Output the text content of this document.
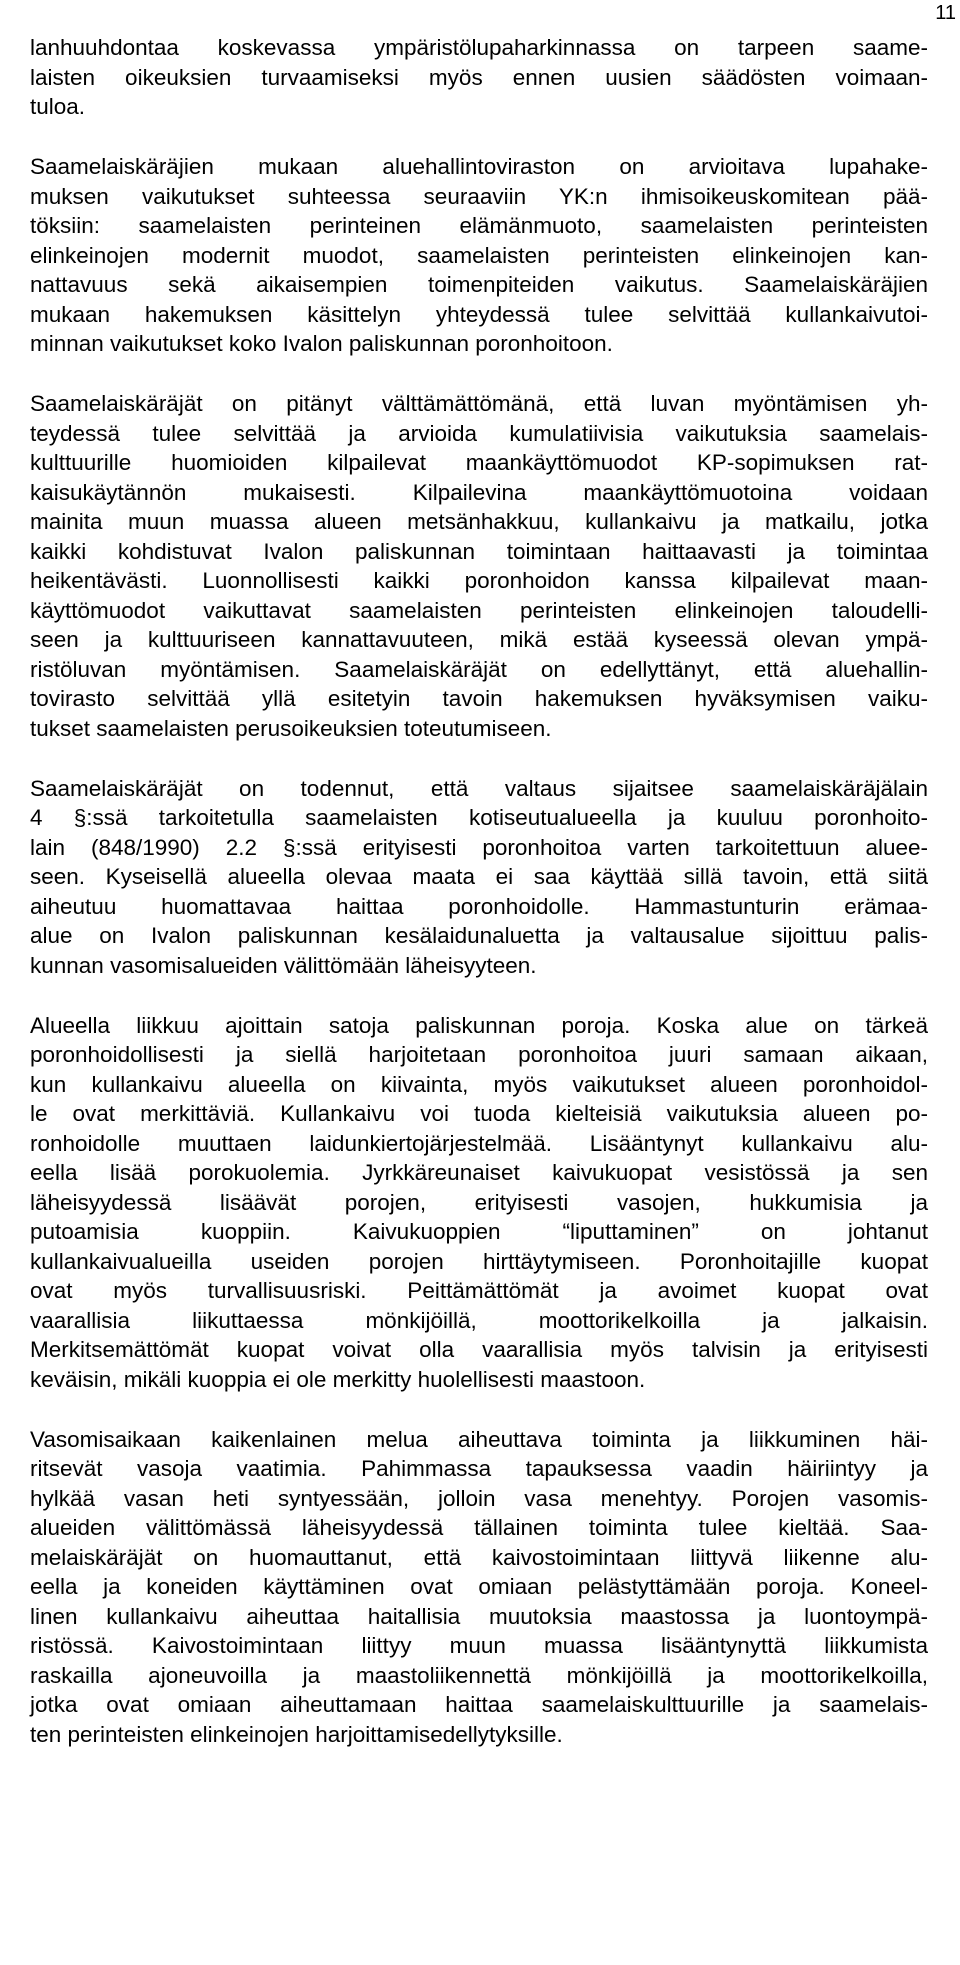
11
lanhuuhdontaa koskevassa ympäristölupaharkinnassa on tarpeen saame-
laisten oikeuksien turvaamiseksi myös ennen uusien säädösten voimaan-
tuloa.
Saamelaiskäräjien mukaan aluehallintoviraston on arvioitava lupahake-
muksen vaikutukset suhteessa seuraaviin YK:n ihmisoikeuskomitean pää-
töksiin: saamelaisten perinteinen elämänmuoto, saamelaisten perinteisten
elinkeinojen modernit muodot, saamelaisten perinteisten elinkeinojen kan-
nattavuus sekä aikaisempien toimenpiteiden vaikutus. Saamelaiskäräjien
mukaan hakemuksen käsittelyn yhteydessä tulee selvittää kullankaivutoi-
minnan vaikutukset koko Ivalon paliskunnan poronhoitoon.
Saamelaiskäräjät on pitänyt välttämättömänä, että luvan myöntämisen yh-
teydessä tulee selvittää ja arvioida kumulatiivisia vaikutuksia saamelais-
kulttuurille huomioiden kilpailevat maankäyttömuodot KP-sopimuksen rat-
kaisukäytännön mukaisesti. Kilpailevina maankäyttömuotoina voidaan
mainita muun muassa alueen metsänhakkuu, kullankaivu ja matkailu, jotka
kaikki kohdistuvat Ivalon paliskunnan toimintaan haittaavasti ja toimintaa
heikentävästi. Luonnollisesti kaikki poronhoidon kanssa kilpailevat maan-
käyttömuodot vaikuttavat saamelaisten perinteisten elinkeinojen taloudelli-
seen ja kulttuuriseen kannattavuuteen, mikä estää kyseessä olevan ympä-
ristöluvan myöntämisen. Saamelaiskäräjät on edellyttänyt, että aluehallin-
tovirasto selvittää yllä esitetyin tavoin hakemuksen hyväksymisen vaiku-
tukset saamelaisten perusoikeuksien toteutumiseen.
Saamelaiskäräjät on todennut, että valtaus sijaitsee saamelaiskäräjälain
4 §:ssä tarkoitetulla saamelaisten kotiseutualueella ja kuuluu poronhoito-
lain (848/1990) 2.2 §:ssä erityisesti poronhoitoa varten tarkoitettuun aluee-
seen. Kyseisellä alueella olevaa maata ei saa käyttää sillä tavoin, että siitä
aiheutuu huomattavaa haittaa poronhoidolle. Hammastunturin erämaa-
alue on Ivalon paliskunnan kesälaidunaluetta ja valtausalue sijoittuu palis-
kunnan vasomisalueiden välittömään läheisyyteen.
Alueella liikkuu ajoittain satoja paliskunnan poroja. Koska alue on tärkeä
poronhoidollisesti ja siellä harjoitetaan poronhoitoa juuri samaan aikaan,
kun kullankaivu alueella on kiivainta, myös vaikutukset alueen poronhoidol-
le ovat merkittäviä. Kullankaivu voi tuoda kielteisiä vaikutuksia alueen po-
ronhoidolle muuttaen laidunkiertojärjestelmää. Lisääntynyt kullankaivu alu-
eella lisää porokuolemia. Jyrkkäreunaiset kaivukuopat vesistössä ja sen
läheisyydessä lisäävät porojen, erityisesti vasojen, hukkumisia ja
putoamisia kuoppiin. Kaivukuoppien “liputtaminen” on johtanut
kullankaivualueilla useiden porojen hirttäytymiseen. Poronhoitajille kuopat
ovat myös turvallisuusriski. Peittämättömät ja avoimet kuopat ovat
vaarallisia liikuttaessa mönkijöillä, moottorikelkoilla ja jalkaisin.
Merkitsemättömät kuopat voivat olla vaarallisia myös talvisin ja erityisesti
keväisin, mikäli kuoppia ei ole merkitty huolellisesti maastoon.
Vasomisaikaan kaikenlainen melua aiheuttava toiminta ja liikkuminen häi-
ritsevät vasoja vaatimia. Pahimmassa tapauksessa vaadin häiriintyy ja
hylkää vasan heti syntyessään, jolloin vasa menehtyy. Porojen vasomis-
alueiden välittömässä läheisyydessä tällainen toiminta tulee kieltää. Saa-
melaiskäräjät on huomauttanut, että kaivostoimintaan liittyvä liikenne alu-
eella ja koneiden käyttäminen ovat omiaan pelästyttämään poroja. Koneel-
linen kullankaivu aiheuttaa haitallisia muutoksia maastossa ja luontoympä-
ristössä. Kaivostoimintaan liittyy muun muassa lisääntynyttä liikkumista
raskailla ajoneuvoilla ja maastoliikennettä mönkijöillä ja moottorikelkoilla,
jotka ovat omiaan aiheuttamaan haittaa saamelaiskulttuurille ja saamelais-
ten perinteisten elinkeinojen harjoittamisedellytyksille.
